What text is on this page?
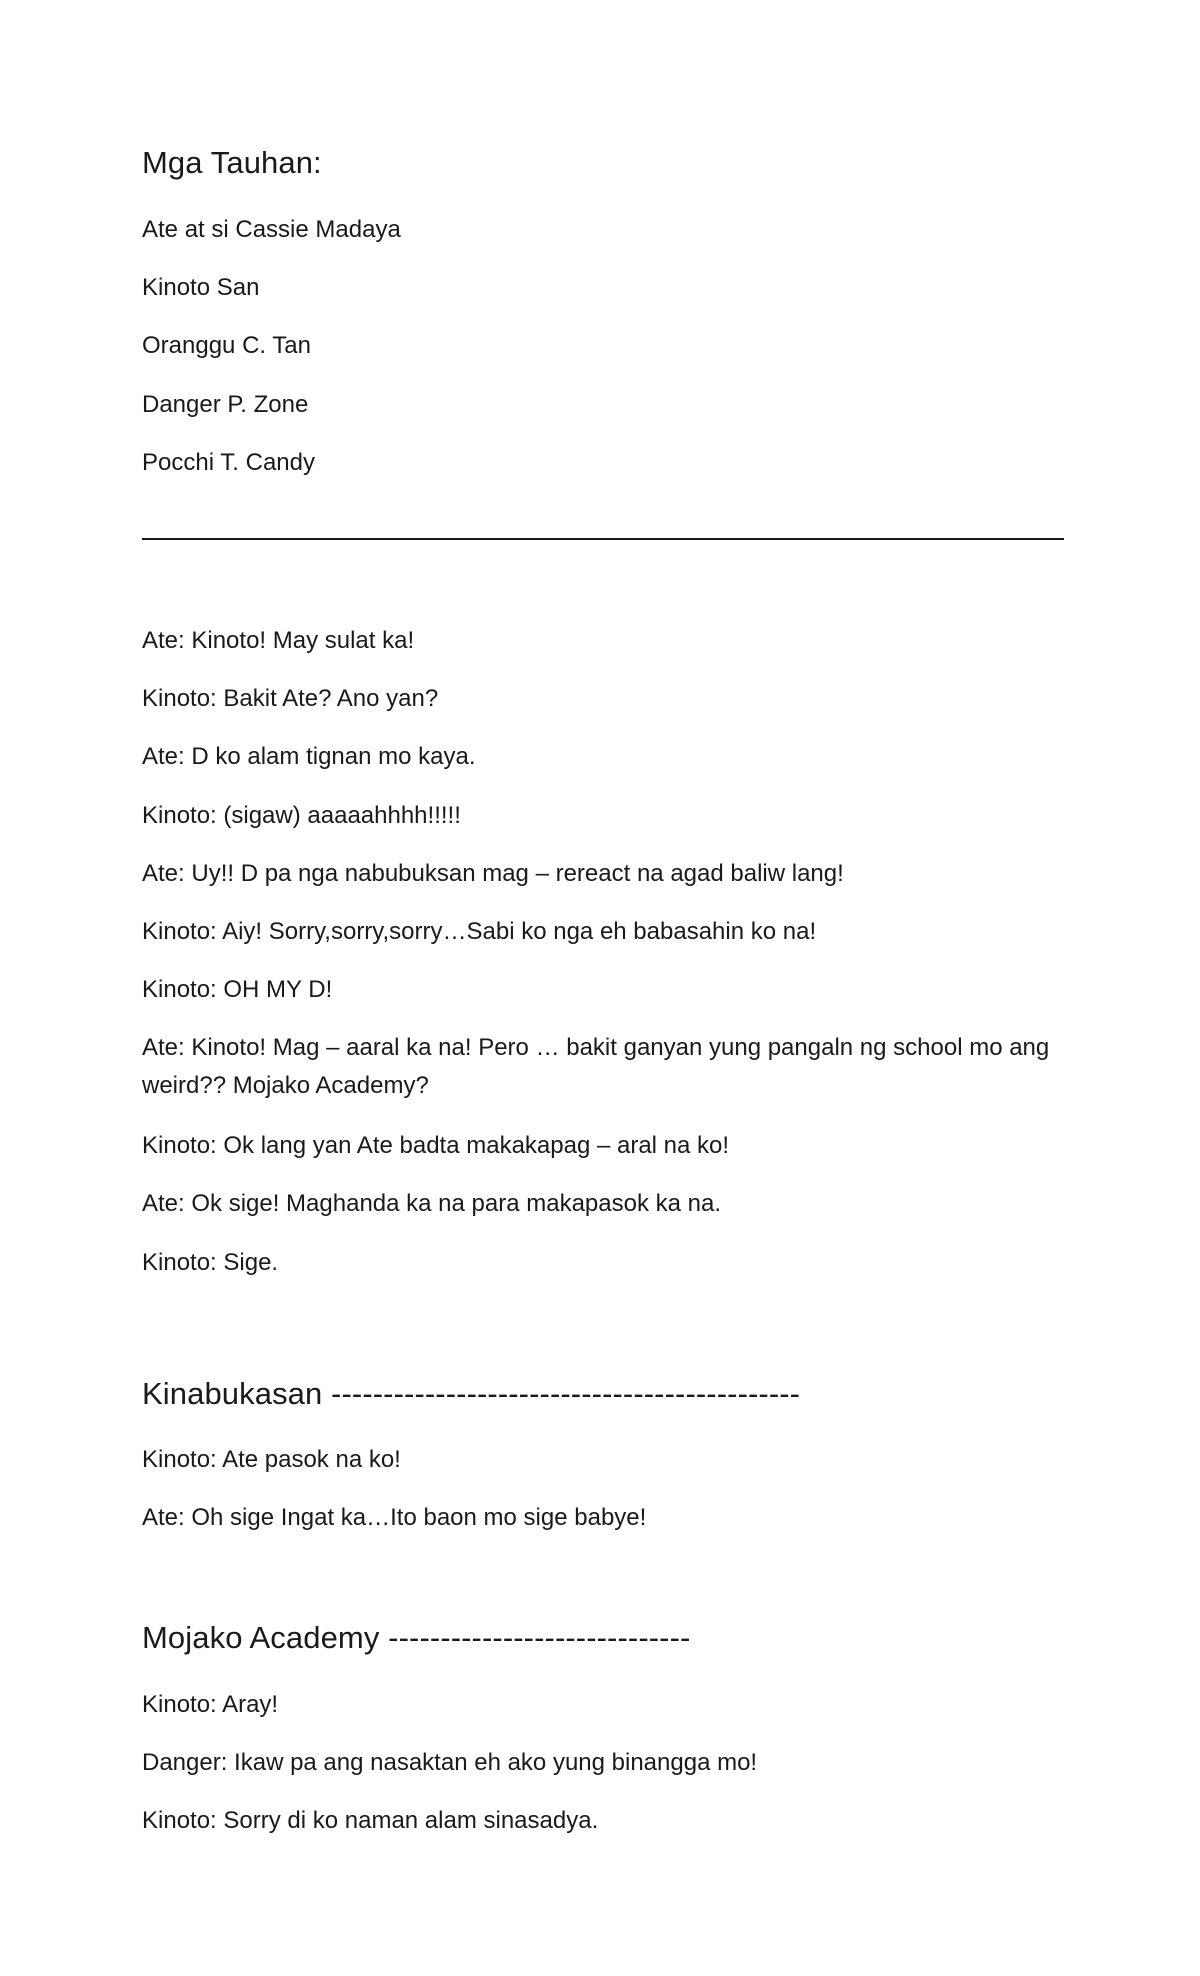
Mga Tauhan:
Ate at si Cassie Madaya
Kinoto San
Oranggu C. Tan
Danger P. Zone
Pocchi T. Candy
Ate: Kinoto! May sulat ka!
Kinoto: Bakit Ate? Ano yan?
Ate: D ko alam tignan mo kaya.
Kinoto: (sigaw) aaaaahhhh!!!!!
Ate: Uy!! D pa nga nabubuksan mag – rereact na agad baliw lang!
Kinoto: Aiy! Sorry,sorry,sorry…Sabi ko nga eh babasahin ko na!
Kinoto: OH MY D!
Ate: Kinoto! Mag – aaral ka na! Pero … bakit ganyan yung pangaln ng school mo ang weird?? Mojako Academy?
Kinoto: Ok lang yan Ate badta makakapag – aral na ko!
Ate: Ok sige! Maghanda ka na para makapasok ka na.
Kinoto: Sige.
Kinabukasan ---------------------------------------------
Kinoto: Ate pasok na ko!
Ate: Oh sige Ingat ka…Ito baon mo sige babye!
Mojako Academy -----------------------------
Kinoto: Aray!
Danger: Ikaw pa ang nasaktan eh ako yung binangga mo!
Kinoto: Sorry di ko naman alam sinasadya.
